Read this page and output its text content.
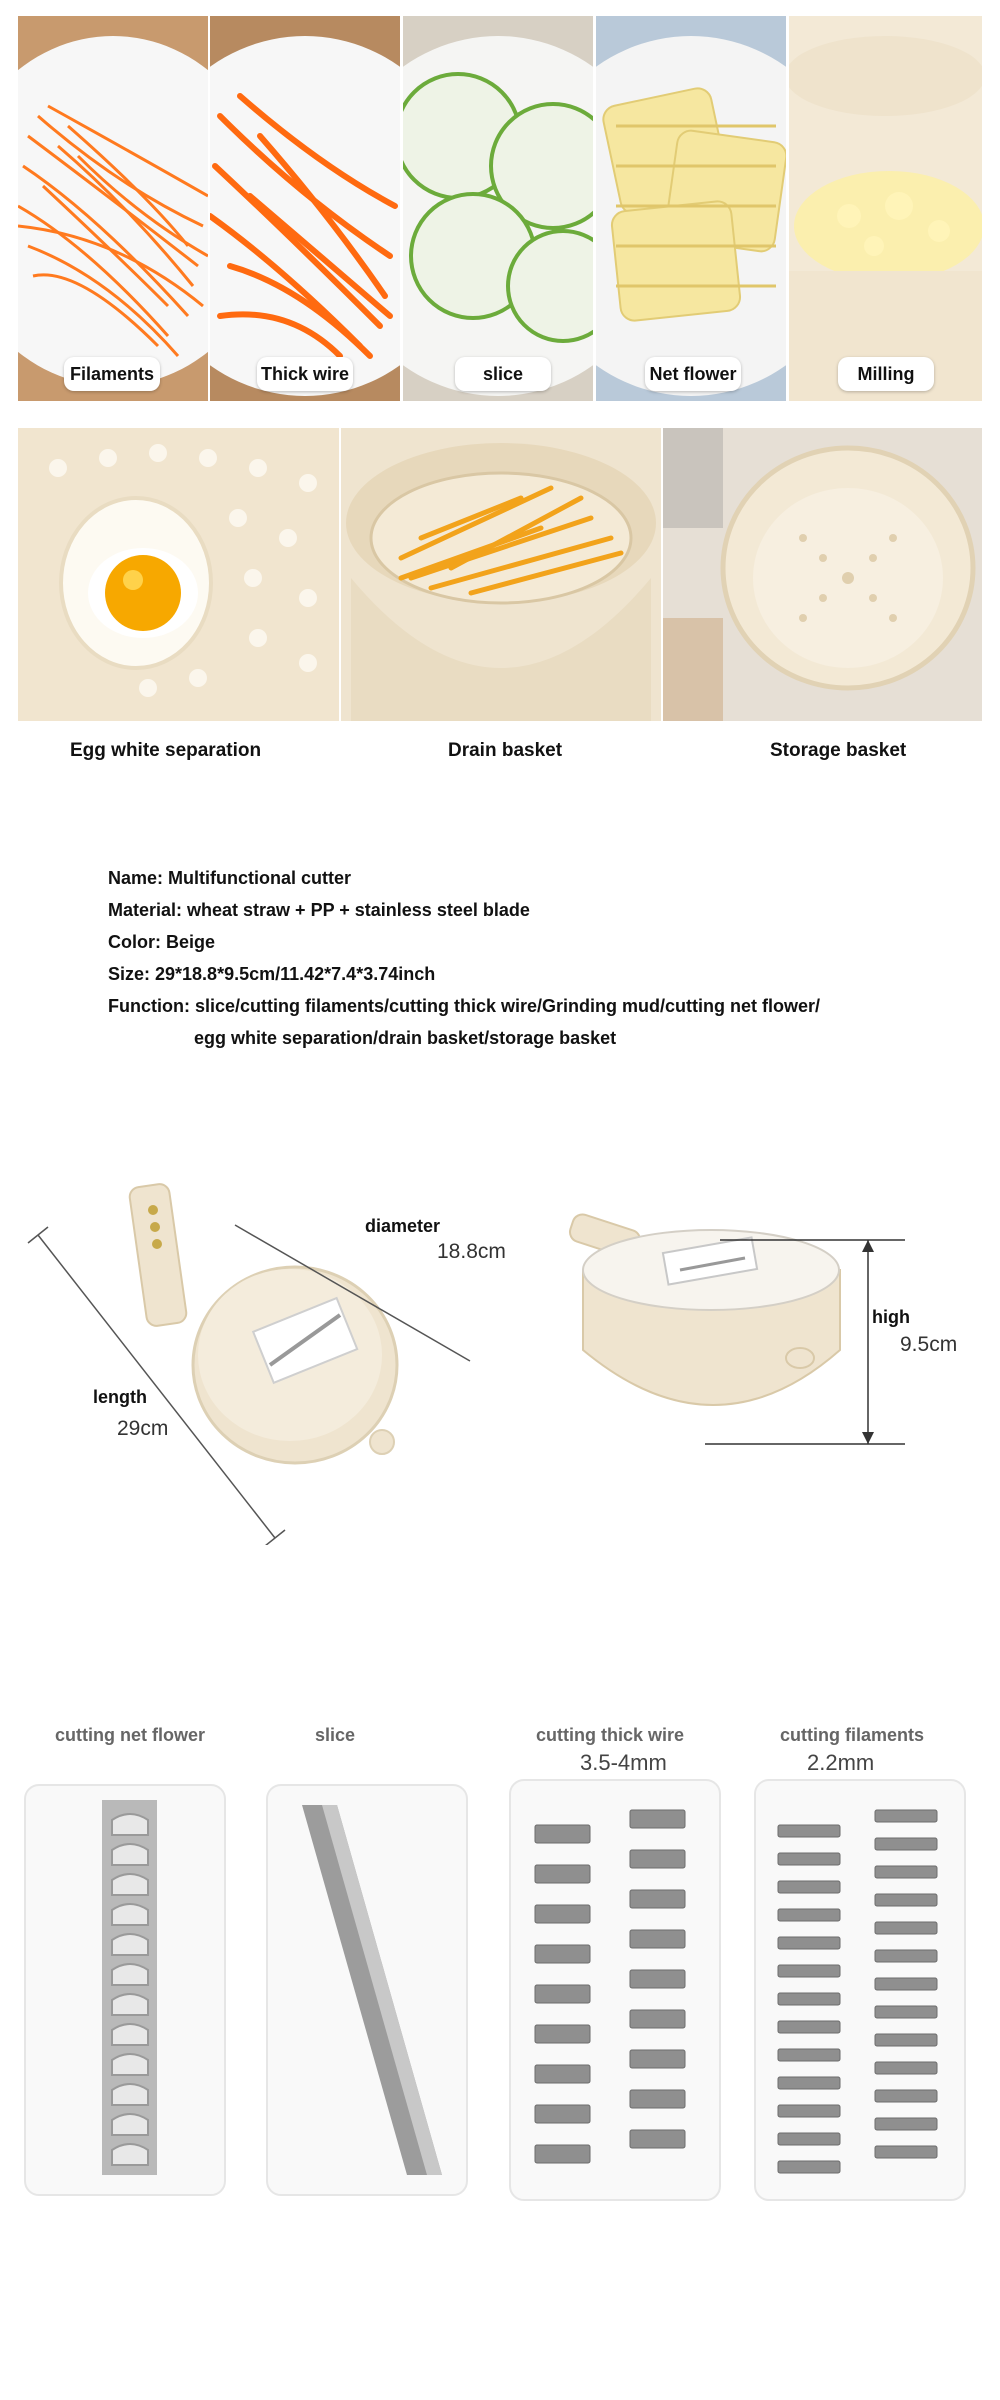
Filaments	Thick wire	slice	Net flower	Milling
Egg white separation	Drain basket	Storage basket
Name: Multifunctional cutter
Material: wheat straw + PP + stainless steel blade
Color: Beige
Size: 29*18.8*9.5cm/11.42*7.4*3.74inch
Function: slice/cutting filaments/cutting thick wire/Grinding mud/cutting net flower/
egg white separation/drain basket/storage basket
diameter
18.8cm
length
29cm
high
9.5cm
cutting net flower	slice	cutting thick wire
3.5-4mm
cutting filaments
2.2mm
